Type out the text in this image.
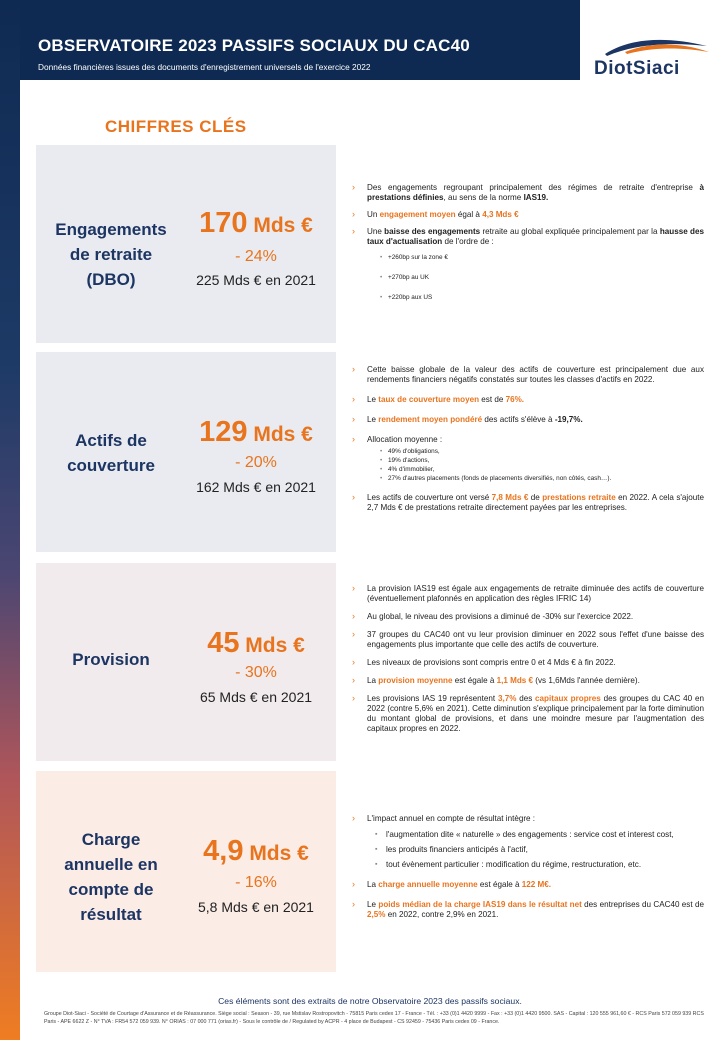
OBSERVATOIRE 2023 PASSIFS SOCIAUX DU CAC40
Données financières issues des documents d'enregistrement universels de l'exercice 2022	DiotSiaci
CHIFFRES CLÉS
Engagements
de retraite
(DBO)
170 Mds €
- 24%
225 Mds € en 2021
Actifs de
couverture
129 Mds €
- 20%
162 Mds € en 2021
Provision
45 Mds €
- 30%
65 Mds € en 2021
Charge
annuelle en
compte de
résultat
4,9 Mds €
- 16%
5,8 Mds € en 2021
› Des engagements regroupant principalement des régimes de retraite d'entreprise à prestations définies, au sens de la norme IAS19.
› Un engagement moyen égal à 4,3 Mds €
› Une baisse des engagements retraite au global expliquée principalement par la hausse des taux d'actualisation de l'ordre de :
• +260bp sur la zone €
• +270bp au UK
• +220bp aux US
› Cette baisse globale de la valeur des actifs de couverture est principalement due aux rendements financiers négatifs constatés sur toutes les classes d'actifs en 2022.
› Le taux de couverture moyen est de 76%.
› Le rendement moyen pondéré des actifs s'élève à -19,7%.
› Allocation moyenne :
• 49% d'obligations,
• 19% d'actions,
• 4% d'immobilier,
• 27% d'autres placements (fonds de placements diversifiés, non côtés, cash…).
› Les actifs de couverture ont versé 7,8 Mds € de prestations retraite en 2022. A cela s'ajoute 2,7 Mds € de prestations retraite directement payées par les entreprises.
› La provision IAS19 est égale aux engagements de retraite diminuée des actifs de couverture (éventuellement plafonnés en application des règles IFRIC 14)
› Au global, le niveau des provisions a diminué de -30% sur l'exercice 2022.
› 37 groupes du CAC40 ont vu leur provision diminuer en 2022 sous l'effet d'une baisse des engagements plus importante que celle des actifs de couverture.
› Les niveaux de provisions sont compris entre 0 et 4 Mds € à fin 2022.
› La provision moyenne est égale à 1,1 Mds € (vs 1,6Mds l'année dernière).
› Les provisions IAS 19 représentent 3,7% des capitaux propres des groupes du CAC 40 en 2022 (contre 5,6% en 2021). Cette diminution s'explique principalement par la forte diminution du montant global de provisions, et dans une moindre mesure par l'augmentation des capitaux propres en 2022.
› L'impact annuel en compte de résultat intègre :
▪ l'augmentation dite « naturelle » des engagements : service cost et interest cost,
▪ les produits financiers anticipés à l'actif,
▪ tout évènement particulier : modification du régime, restructuration, etc.
› La charge annuelle moyenne est égale à 122 M€.
› Le poids médian de la charge IAS19 dans le résultat net des entreprises du CAC40 est de 2,5% en 2022, contre 2,9% en 2021.
Ces éléments sont des extraits de notre Observatoire 2023 des passifs sociaux.
Groupe Diot-Siaci - Société de Courtage d'Assurance et de Réassurance. Siège social : Season - 39, rue Mstislav Rostropovitch - 75815 Paris cedex 17 - France - Tél. : +33 (0)1 4420 9999 - Fax : +33 (0)1 4420 9500. SAS - Capital : 120 555 961,60 € - RCS Paris 572 059 939 RCS Paris - APE 6622 Z - N° TVA : FR54 572 059 939. N° ORIAS : 07 000 771 (orias.fr) - Sous le contrôle de / Regulated by ACPR - 4 place de Budapest - CS 92459 - 75436 Paris cedex 09 - France.
